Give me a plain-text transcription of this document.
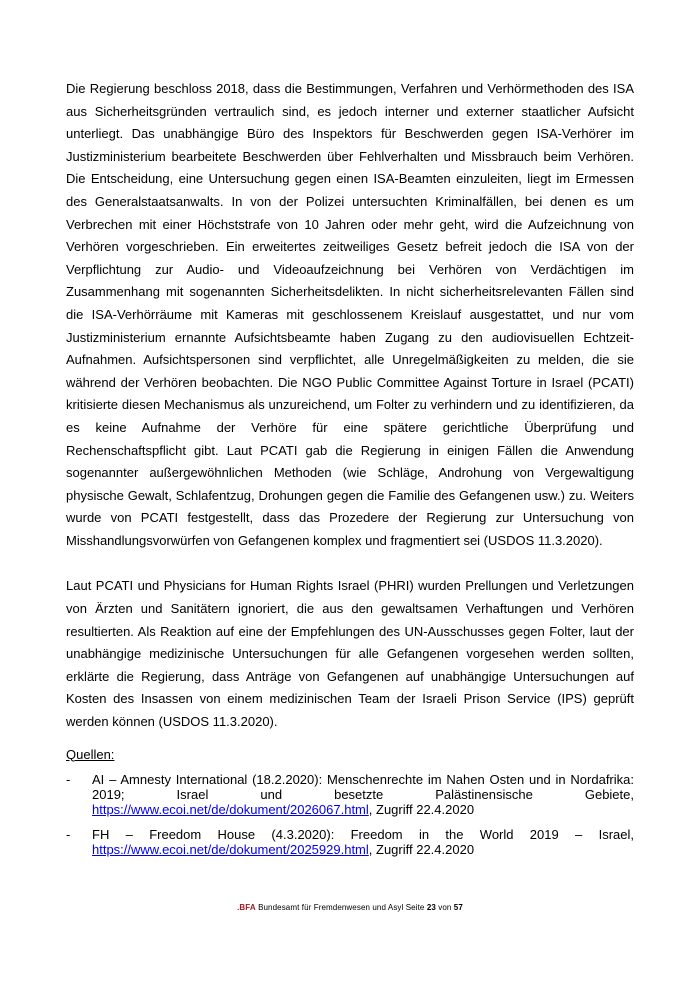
Die Regierung beschloss 2018, dass die Bestimmungen, Verfahren und Verhörmethoden des ISA aus Sicherheitsgründen vertraulich sind, es jedoch interner und externer staatlicher Aufsicht unterliegt. Das unabhängige Büro des Inspektors für Beschwerden gegen ISA-Verhörer im Justizministerium bearbeitete Beschwerden über Fehlverhalten und Missbrauch beim Verhören. Die Entscheidung, eine Untersuchung gegen einen ISA-Beamten einzuleiten, liegt im Ermessen des Generalstaatsanwalts. In von der Polizei untersuchten Kriminalfällen, bei denen es um Verbrechen mit einer Höchststrafe von 10 Jahren oder mehr geht, wird die Aufzeichnung von Verhören vorgeschrieben. Ein erweitertes zeitweiliges Gesetz befreit jedoch die ISA von der Verpflichtung zur Audio- und Videoaufzeichnung bei Verhören von Verdächtigen im Zusammenhang mit sogenannten Sicherheitsdelikten. In nicht sicherheitsrelevanten Fällen sind die ISA-Verhörräume mit Kameras mit geschlossenem Kreislauf ausgestattet, und nur vom Justizministerium ernannte Aufsichtsbeamte haben Zugang zu den audiovisuellen Echtzeit-Aufnahmen. Aufsichtspersonen sind verpflichtet, alle Unregelmäßigkeiten zu melden, die sie während der Verhören beobachten. Die NGO Public Committee Against Torture in Israel (PCATI) kritisierte diesen Mechanismus als unzureichend, um Folter zu verhindern und zu identifizieren, da es keine Aufnahme der Verhöre für eine spätere gerichtliche Überprüfung und Rechenschaftspflicht gibt. Laut PCATI gab die Regierung in einigen Fällen die Anwendung sogenannter außergewöhnlichen Methoden (wie Schläge, Androhung von Vergewaltigung physische Gewalt, Schlafentzug, Drohungen gegen die Familie des Gefangenen usw.) zu. Weiters wurde von PCATI festgestellt, dass das Prozedere der Regierung zur Untersuchung von Misshandlungsvorwürfen von Gefangenen komplex und fragmentiert sei (USDOS 11.3.2020).

Laut PCATI und Physicians for Human Rights Israel (PHRI) wurden Prellungen und Verletzungen von Ärzten und Sanitätern ignoriert, die aus den gewaltsamen Verhaftungen und Verhören resultierten. Als Reaktion auf eine der Empfehlungen des UN-Ausschusses gegen Folter, laut der unabhängige medizinische Untersuchungen für alle Gefangenen vorgesehen werden sollten, erklärte die Regierung, dass Anträge von Gefangenen auf unabhängige Untersuchungen auf Kosten des Insassen von einem medizinischen Team der Israeli Prison Service (IPS) geprüft werden können (USDOS 11.3.2020).

Quellen:
-	AI – Amnesty International (18.2.2020): Menschenrechte im Nahen Osten und in Nordafrika: 2019; Israel und besetzte Palästinensische Gebiete, https://www.ecoi.net/de/dokument/2026067.html, Zugriff 22.4.2020
-	FH – Freedom House (4.3.2020): Freedom in the World 2019 – Israel, https://www.ecoi.net/de/dokument/2025929.html, Zugriff 22.4.2020
.BFA Bundesamt für Fremdenwesen und Asyl Seite 23 von 57
